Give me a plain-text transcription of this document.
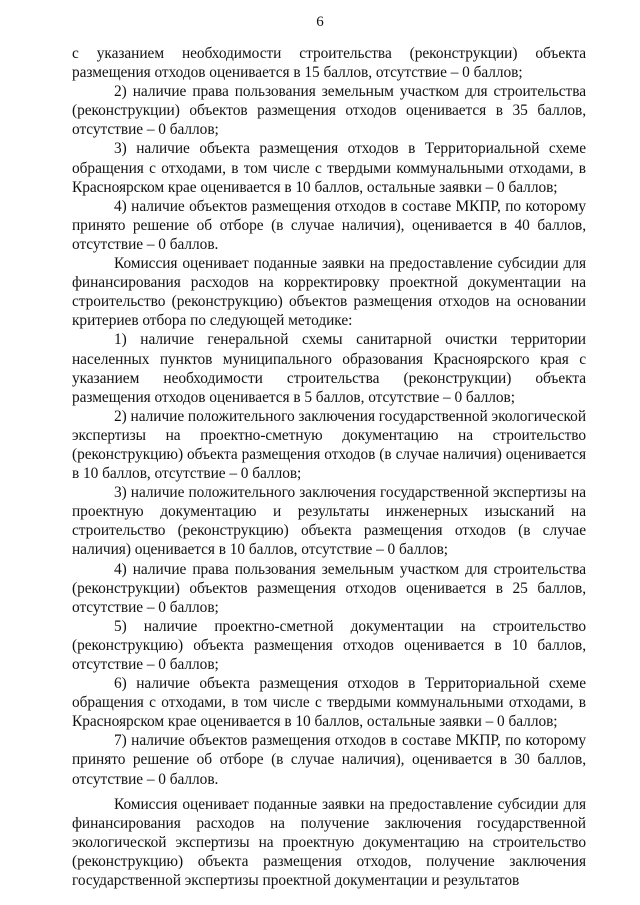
6

с указанием необходимости строительства (реконструкции) объекта размещения отходов оценивается в 15 баллов, отсутствие – 0 баллов;

2) наличие права пользования земельным участком для строительства (реконструкции) объектов размещения отходов оценивается в 35 баллов, отсутствие – 0 баллов;

3) наличие объекта размещения отходов в Территориальной схеме обращения с отходами, в том числе с твердыми коммунальными отходами, в Красноярском крае оценивается в 10 баллов, остальные заявки – 0 баллов;

4) наличие объектов размещения отходов в составе МКПР, по которому принято решение об отборе (в случае наличия), оценивается в 40 баллов, отсутствие – 0 баллов.

Комиссия оценивает поданные заявки на предоставление субсидии для финансирования расходов на корректировку проектной документации на строительство (реконструкцию) объектов размещения отходов на основании критериев отбора по следующей методике:

1) наличие генеральной схемы санитарной очистки территории населенных пунктов муниципального образования Красноярского края с указанием необходимости строительства (реконструкции) объекта размещения отходов оценивается в 5 баллов, отсутствие – 0 баллов;

2) наличие положительного заключения государственной экологической экспертизы на проектно-сметную документацию на строительство (реконструкцию) объекта размещения отходов (в случае наличия) оценивается в 10 баллов, отсутствие – 0 баллов;

3) наличие положительного заключения государственной экспертизы на проектную документацию и результаты инженерных изысканий на строительство (реконструкцию) объекта размещения отходов (в случае наличия) оценивается в 10 баллов, отсутствие – 0 баллов;

4) наличие права пользования земельным участком для строительства (реконструкции) объектов размещения отходов оценивается в 25 баллов, отсутствие – 0 баллов;

5) наличие проектно-сметной документации на строительство (реконструкцию) объекта размещения отходов оценивается в 10 баллов, отсутствие – 0 баллов;

6) наличие объекта размещения отходов в Территориальной схеме обращения с отходами, в том числе с твердыми коммунальными отходами, в Красноярском крае оценивается в 10 баллов, остальные заявки – 0 баллов;

7) наличие объектов размещения отходов в составе МКПР, по которому принято решение об отборе (в случае наличия), оценивается в 30 баллов, отсутствие – 0 баллов.

Комиссия оценивает поданные заявки на предоставление субсидии для финансирования расходов на получение заключения государственной экологической экспертизы на проектную документацию на строительство (реконструкцию) объекта размещения отходов, получение заключения государственной экспертизы проектной документации и результатов
